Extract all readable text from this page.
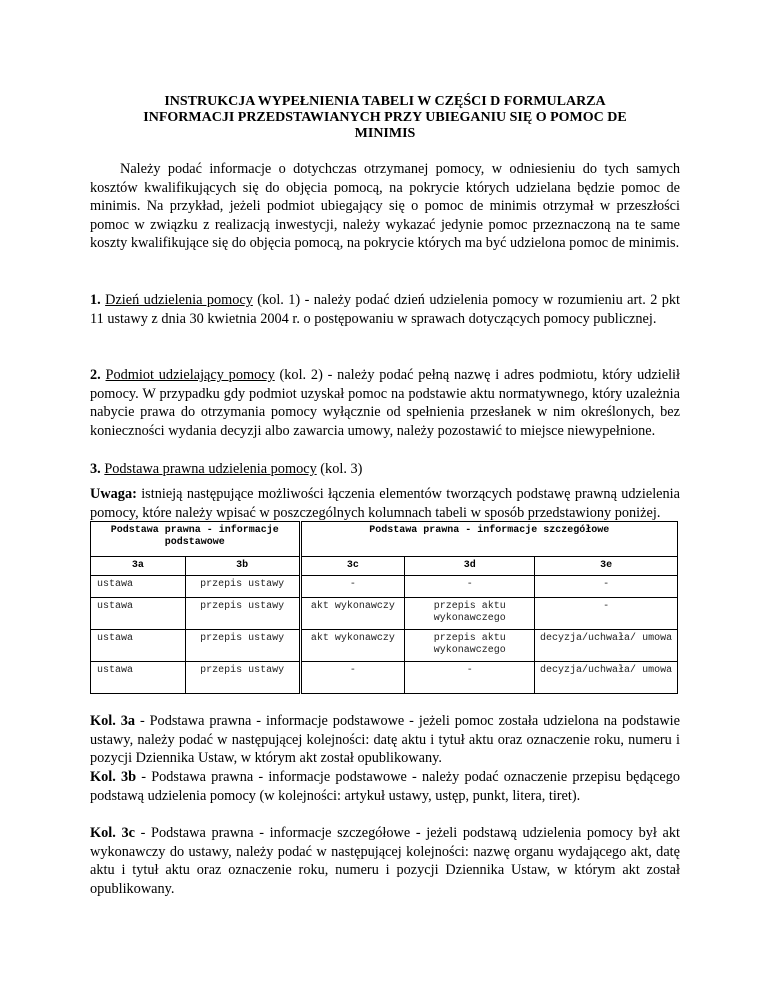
INSTRUKCJA WYPEŁNIENIA TABELI W CZĘŚCI D FORMULARZA
INFORMACJI PRZEDSTAWIANYCH PRZY UBIEGANIU SIĘ O POMOC DE
MINIMIS
Należy podać informacje o dotychczas otrzymanej pomocy, w odniesieniu do tych samych kosztów kwalifikujących się do objęcia pomocą, na pokrycie których udzielana będzie pomoc de minimis. Na przykład, jeżeli podmiot ubiegający się o pomoc de minimis otrzymał w przeszłości pomoc w związku z realizacją inwestycji, należy wykazać jedynie pomoc przeznaczoną na te same koszty kwalifikujące się do objęcia pomocą, na pokrycie których ma być udzielona pomoc de minimis.
1. Dzień udzielenia pomocy (kol. 1) - należy podać dzień udzielenia pomocy w rozumieniu art. 2 pkt 11 ustawy z dnia 30 kwietnia 2004 r. o postępowaniu w sprawach dotyczących pomocy publicznej.
2. Podmiot udzielający pomocy (kol. 2) - należy podać pełną nazwę i adres podmiotu, który udzielił pomocy. W przypadku gdy podmiot uzyskał pomoc na podstawie aktu normatywnego, który uzależnia nabycie prawa do otrzymania pomocy wyłącznie od spełnienia przesłanek w nim określonych, bez konieczności wydania decyzji albo zawarcia umowy, należy pozostawić to miejsce niewypełnione.
3. Podstawa prawna udzielenia pomocy (kol. 3)
Uwaga: istnieją następujące możliwości łączenia elementów tworzących podstawę prawną udzielenia pomocy, które należy wpisać w poszczególnych kolumnach tabeli w sposób przedstawiony poniżej.
Podstawa prawna - informacje podstawowe		Podstawa prawna - informacje szczegółowe		
3a	3b	3c	3d	3e
ustawa	przepis ustawy	-	-	-
ustawa	przepis ustawy	akt wykonawczy	przepis aktu wykonawczego	-
ustawa	przepis ustawy	akt wykonawczy	przepis aktu wykonawczego	decyzja/uchwała/ umowa
ustawa	przepis ustawy	-	-	decyzja/uchwała/ umowa
Kol. 3a - Podstawa prawna - informacje podstawowe - jeżeli pomoc została udzielona na podstawie ustawy, należy podać w następującej kolejności: datę aktu i tytuł aktu oraz oznaczenie roku, numeru i pozycji Dziennika Ustaw, w którym akt został opublikowany.
Kol. 3b - Podstawa prawna - informacje podstawowe - należy podać oznaczenie przepisu będącego podstawą udzielenia pomocy (w kolejności: artykuł ustawy, ustęp, punkt, litera, tiret).
Kol. 3c - Podstawa prawna - informacje szczegółowe - jeżeli podstawą udzielenia pomocy był akt wykonawczy do ustawy, należy podać w następującej kolejności: nazwę organu wydającego akt, datę aktu i tytuł aktu oraz oznaczenie roku, numeru i pozycji Dziennika Ustaw, w którym akt został opublikowany.
